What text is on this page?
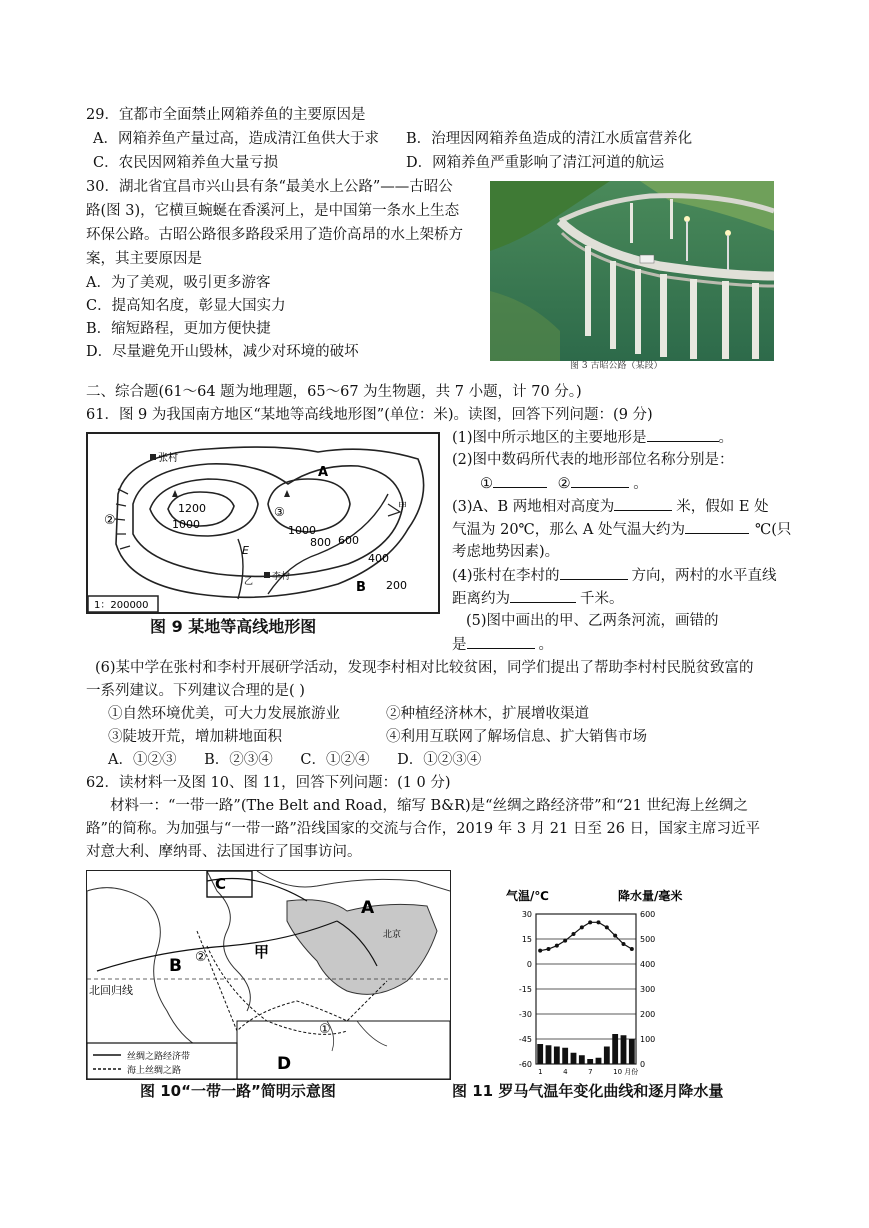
29．宜都市全面禁止网箱养鱼的主要原因是
A．网箱养鱼产量过高，造成清江鱼供大于求 B．治理因网箱养鱼造成的清江水质富营养化
C．农民因网箱养鱼大量亏损	D．网箱养鱼严重影响了清江河道的航运
30．湖北省宜昌市兴山县有条“最美水上公路”——古昭公
路(图 3)，它横亘蜿蜒在香溪河上，是中国第一条水上生态
环保公路。古昭公路很多路段采用了造价高昂的水上架桥方
案，其主要原因是
A．为了美观，吸引更多游客
C．提高知名度，彰显大国实力
B．缩短路程，更加方便快捷
D．尽量避免开山毁林，减少对环境的破坏
图 3 古昭公路（某段）
二、综合题(61～64 题为地理题，65～67 为生物题，共 7 小题，计 70 分。)
61．图 9 为我国南方地区“某地等高线地形图”(单位：米)。读图，回答下列问题：(9 分)
张村
李村
A
B
E
②
③
1200
1000	1000
800 600
400
200
甲
乙
1：200000
图 9 某地等高线地形图
(1)图中所示地区的主要地形是	。
(2)图中数码所代表的地形部位名称分别是：
①	②	。
(3)A、B 两地相对高度为	米，假如 E 处
气温为 20℃，那么 A 处气温大约为	℃(只
考虑地势因素)。
(4)张村在李村的	方向，两村的水平直线
距离约为	千米。
(5)图中画出的甲、乙两条河流，画错的
是	。
(6)某中学在张村和李村开展研学活动，发现李村相对比较贫困，同学们提出了帮助李村村民脱贫致富的
一系列建议。下列建议合理的是( )
①自然环境优美，可大力发展旅游业	②种植经济林木，扩展增收渠道
③陡坡开荒，增加耕地面积	④利用互联网了解场信息、扩大销售市场
A．①②③      B．②③④      C．①②④      D．①②③④
62．读材料一及图 10、图 11，回答下列问题：(1 0 分)
材料一：“一带一路”(The Belt and Road，缩写 B&R)是“丝绸之路经济带”和“21 世纪海上丝绸之
路”的简称。为加强与“一带一路”沿线国家的交流与合作，2019 年 3 月 21 日至 26 日，国家主席习近平
对意大利、摩纳哥、法国进行了国事访问。
C
A
B
D
甲
②
①
北京
北回归线
丝绸之路经济带
海上丝绸之路
图 10“一带一路”简明示意图
气温/℃	降水量/毫米
30
15
0
-15
-30
-45
-60
600
500
400
300
200
100
0
1	4	7	10 月份
图 11 罗马气温年变化曲线和逐月降水量
